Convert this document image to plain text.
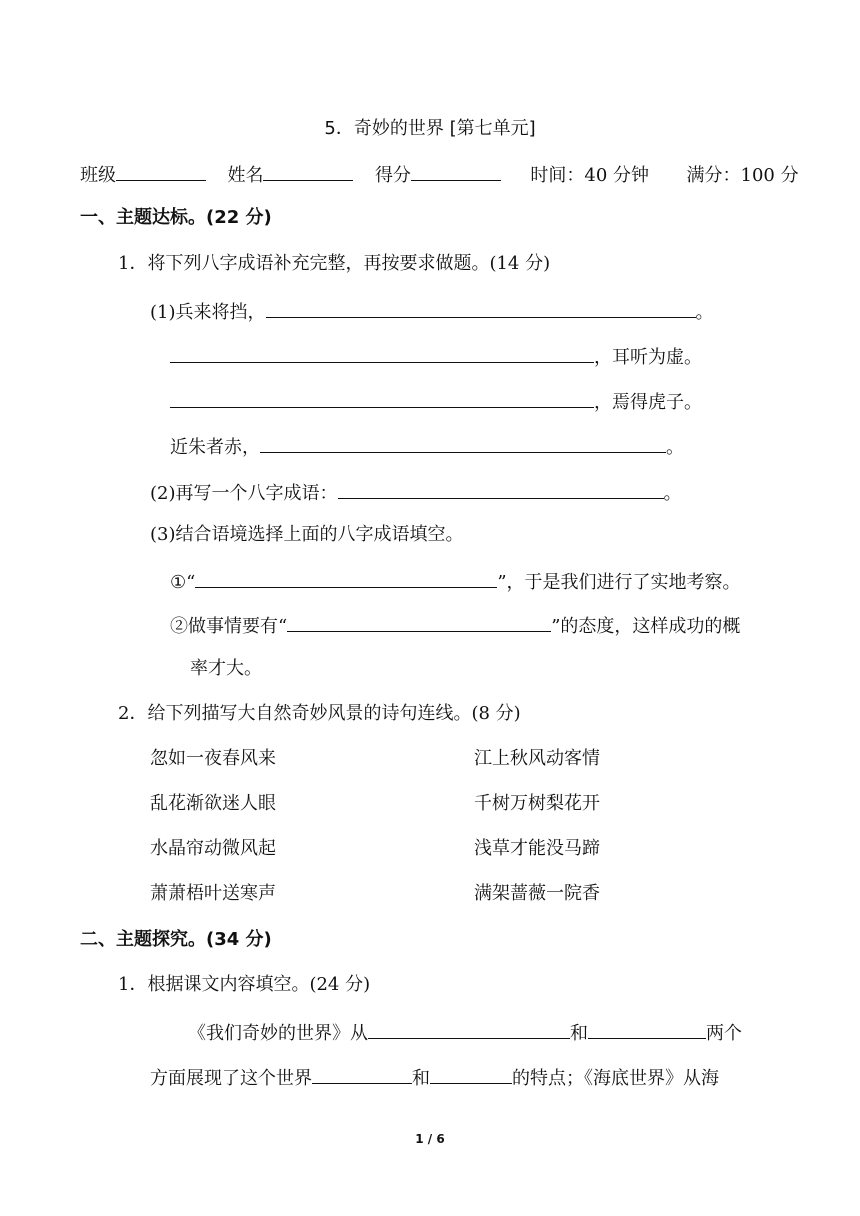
5．奇妙的世界 [第七单元]
班级	姓名	得分	时间：40 分钟 满分：100 分
一、主题达标。(22 分)
1．将下列八字成语补充完整，再按要求做题。(14 分)
(1)兵来将挡，	。
，耳听为虚。
，焉得虎子。
近朱者赤，	。
(2)再写一个八字成语：	。
(3)结合语境选择上面的八字成语填空。
①“	”，于是我们进行了实地考察。
②做事情要有“	”的态度，这样成功的概
率才大。
2．给下列描写大自然奇妙风景的诗句连线。(8 分)
忽如一夜春风来	江上秋风动客情
乱花渐欲迷人眼	千树万树梨花开
水晶帘动微风起	浅草才能没马蹄
萧萧梧叶送寒声	满架蔷薇一院香
二、主题探究。(34 分)
1．根据课文内容填空。(24 分)
《我们奇妙的世界》从	和	两个
方面展现了这个世界	和	的特点；《海底世界》从海
1 / 6
